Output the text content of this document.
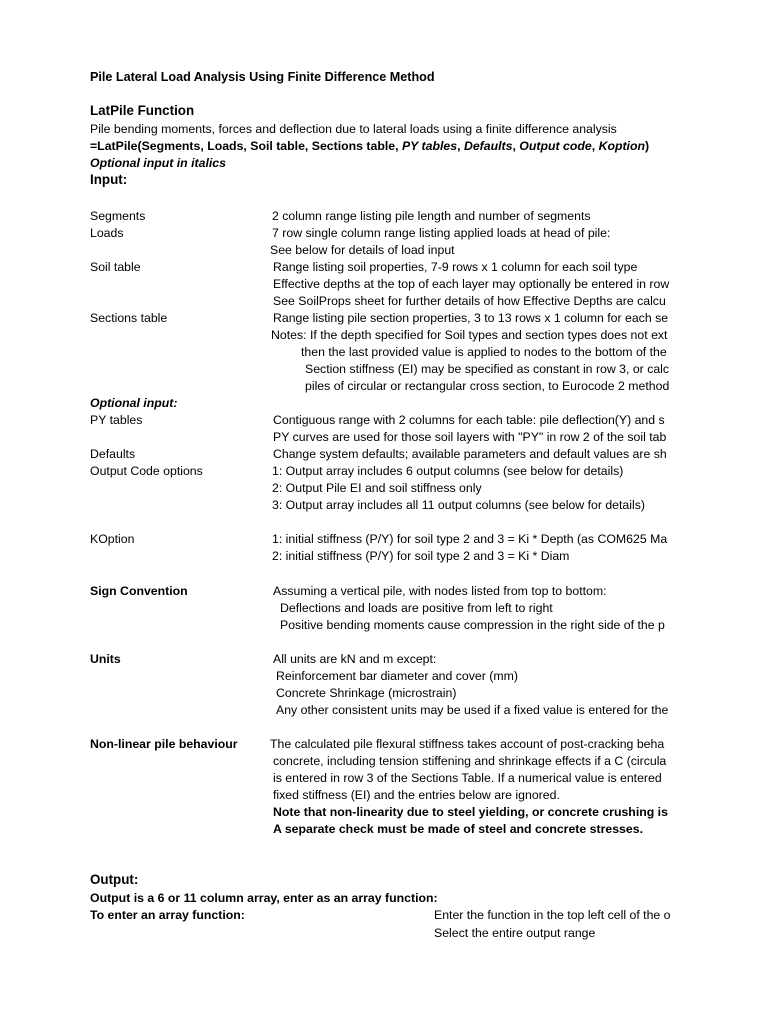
Pile Lateral Load Analysis Using Finite Difference Method
LatPile Function
Pile bending moments, forces and deflection due to lateral loads using a finite difference analysis
=LatPile(Segments, Loads, Soil table, Sections table, PY tables, Defaults, Output code, Koption)
Optional input in italics
Input:
Segments	2 column range listing pile length and number of segments
Loads	7 row single column range listing applied loads at head of pile:
See below for details of load input
Soil table	Range listing soil properties, 7-9 rows x 1 column for each soil type
Effective depths at the top of each layer may optionally be entered in row
See SoilProps sheet for further details of how Effective Depths are calcu
Sections table	Range listing pile section properties, 3 to 13 rows x 1 column for each se
Notes: If the depth specified for Soil types and section types does not ext
then the last provided value is applied to nodes to the bottom of the
Section stiffness (EI) may be specified as constant in row 3, or calc
piles of circular or rectangular cross section, to Eurocode 2 method
Optional input:
PY tables	Contiguous range with 2 columns for each table: pile deflection(Y) and s
PY curves are used for those soil layers with "PY" in row 2 of the soil tab
Defaults	Change system defaults; available parameters and default values are sh
Output Code options	1: Output array includes 6 output columns (see below for details)
2: Output Pile EI and soil stiffness only
3: Output array includes all 11 output columns (see below for details)
KOption	1: initial stiffness (P/Y) for soil type 2 and 3 = Ki * Depth (as COM625 Ma
2: initial stiffness (P/Y) for soil type 2 and 3 = Ki * Diam
Sign Convention	Assuming a vertical pile, with nodes listed from top to bottom:
Deflections and loads are positive from left to right
Positive bending moments cause compression in the right side of the p
Units	All units are kN and m except:
Reinforcement bar diameter and cover (mm)
Concrete Shrinkage (microstrain)
Any other consistent units may be used if a fixed value is entered for the
Non-linear pile behaviour	The calculated pile flexural stiffness takes account of post-cracking beha
concrete, including tension stiffening and shrinkage effects if a C (circula
is entered in row 3 of the Sections Table. If a numerical value is entered
fixed stiffness (EI) and the entries below are ignored.
Note that non-linearity due to steel yielding, or concrete crushing is
A separate check must be made of steel and concrete stresses.
Output:
Output is a 6 or 11 column array, enter as an array function:
To enter an array function:	Enter the function in the top left cell of the o
Select the entire output range
